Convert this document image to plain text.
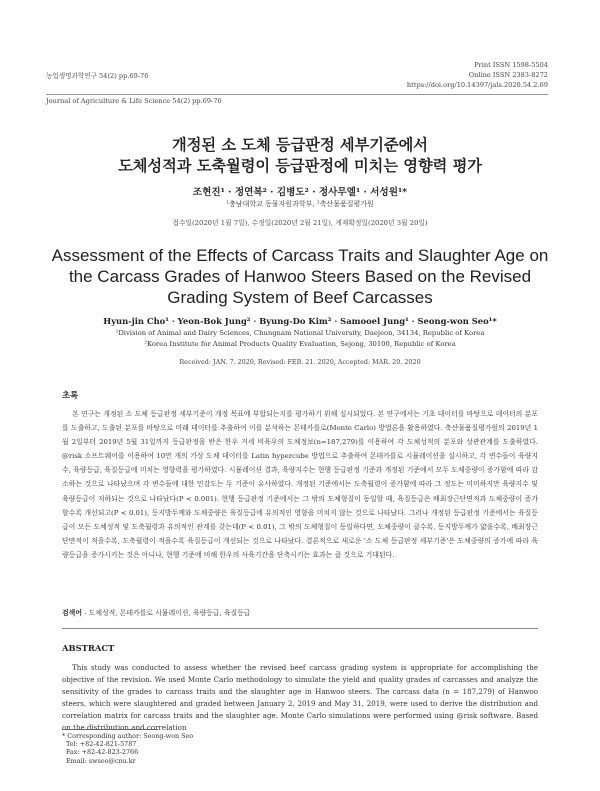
농업생명과학연구 54(2) pp.69-76
Print ISSN 1598-5504
Online ISSN 2383-8272
https://doi.org/10.14397/jals.2020.54.2.69
Journal of Agriculture & Life Science 54(2) pp.69-76
개정된 소 도체 등급판정 세부기준에서
도체성적과 도축월령이 등급판정에 미치는 영향력 평가
조현진¹ · 정연복² · 김병도² · 정사무엘¹ · 서성원¹*
¹충남대학교 동물자원과학부, ²축산물품질평가원
접수일(2020년 1월 7일), 수정일(2020년 2월 21일), 게재확정일(2020년 3월 20일)
Assessment of the Effects of Carcass Traits and Slaughter Age on
the Carcass Grades of Hanwoo Steers Based on the Revised
Grading System of Beef Carcasses
Hyun-jin Cho¹ · Yeon-Bok Jung² · Byung-Do Kim² · Samooel Jung¹ · Seong-won Seo¹*
¹Division of Animal and Dairy Sciences, Chungnam National University, Daejeon, 34134, Republic of Korea
²Korea Institute for Animal Products Quality Evaluation, Sejong, 30100, Republic of Korea
Received: JAN. 7. 2020, Revised: FEB. 21. 2020, Accepted: MAR. 20. 2020
초록

본 연구는 개정된 소 도체 등급판정 세부기준이 개정 목표에 부합되는지를 평가하기 위해 실시되었다. 본 연구에서는 기초 데이터를 바탕으로 데이터의 분포를 도출하고, 도출된 분포를 바탕으로 미래 데이터를 추출하여 이를 분석하는 몬테카를로(Monte Carlo) 방법론을 활용하였다. 축산물품질평가원의 2019년 1월 2일부터 2019년 5월 31일까지 등급판정을 받은 한우 거세 비육우의 도체정보(n=187,279)를 이용하여 각 도체성적의 분포와 상관관계를 도출하였다. @risk 소프트웨어를 이용하여 10만 개의 가상 도체 데이터를 Latin hypercube 방법으로 추출하여 몬테카를로 시뮬레이션을 실시하고, 각 변수들이 육량지수, 육량등급, 육질등급에 미치는 영향력을 평가하였다. 시뮬레이션 결과, 육량지수는 현행 등급판정 기준과 개정된 기준에서 모두 도체중량이 증가함에 따라 감소하는 것으로 나타났으며 각 변수들에 대한 민감도는 두 기준이 유사하였다. 개정된 기준에서는 도축월령이 증가함에 따라 그 정도는 미미하지만 육량지수 및 육량등급이 저하되는 것으로 나타났다(P < 0.001). 현행 등급판정 기준에서는 그 밖의 도체형질이 동일할 때, 육질등급은 배최장근단면적과 도체중량이 증가할수록 개선되고(P < 0.01), 등지방두께와 도체중량은 육질등급에 유의적인 영향을 미치지 않는 것으로 나타났다. 그러나 개정된 등급판정 기준에서는 육질등급이 모든 도체성적 및 도축월령과 유의적인 관계를 갖는데(P < 0.01), 그 밖의 도체형질이 동일하다면, 도체중량이 클수록, 등지방두께가 얇을수록, 배최장근단면적이 적을수록, 도축월령이 적을수록 육질등급이 개선되는 것으로 나타났다. 결론적으로 새로운 '소 도체 등급판정 세부기준'은 도체중량의 증가에 따라 육량등급을 증가시키는 것은 아니나, 현행 기준에 비해 한우의 사육기간을 단축시키는 효과는 클 것으로 기대된다.

검색어 - 도체성적, 몬테카를로 시뮬레이션, 육량등급, 육질등급
ABSTRACT

This study was conducted to assess whether the revised beef carcass grading system is appropriate for accomplishing the objective of the revision. We used Monte Carlo methodology to simulate the yield and quality grades of carcasses and analyze the sensitivity of the grades to carcass traits and the slaughter age in Hanwoo steers. The carcass data (n = 187,279) of Hanwoo steers, which were slaughtered and graded between January 2, 2019 and May 31, 2019, were used to derive the distribution and correlation matrix for carcass traits and the slaughter age. Monte Carlo simulations were performed using @risk software. Based on the distribution and correlation

* Corresponding author: Seong-won Seo
Tel: +82-42-821-5787
Fax: +82-42-823-2766
Email: swseo@cnu.kr
